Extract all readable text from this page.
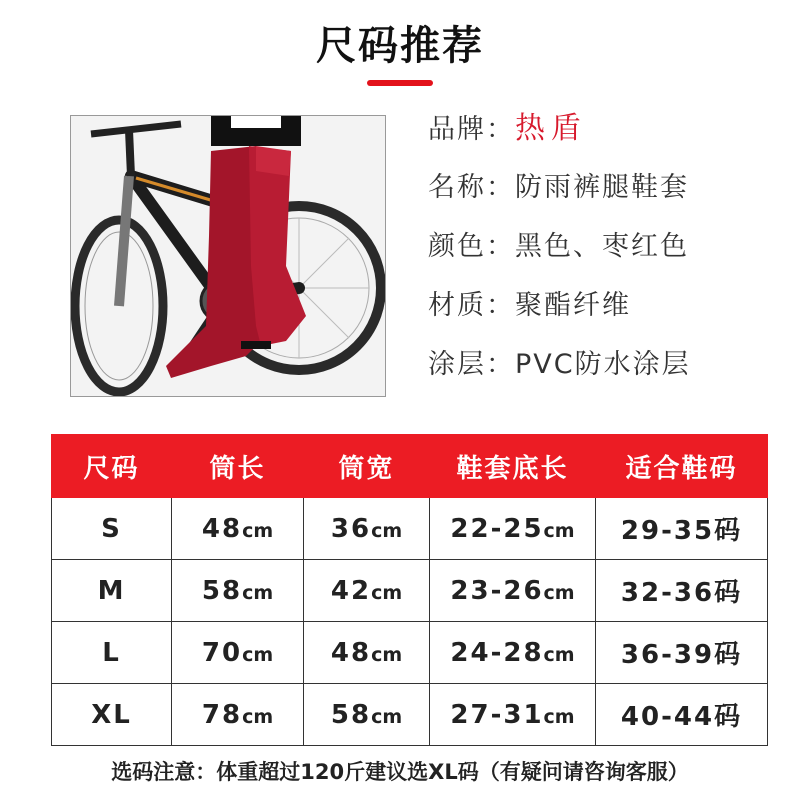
尺码推荐
品牌：热盾
名称：防雨裤腿鞋套
颜色：黑色、枣红色
材质：聚酯纤维
涂层：PVC防水涂层
尺码	筒长	筒宽	鞋套底长	适合鞋码
S	48cm	36cm	22-25cm	29-35码
M	58cm	42cm	23-26cm	32-36码
L	70cm	48cm	24-28cm	36-39码
XL	78cm	58cm	27-31cm	40-44码
选码注意：体重超过120斤建议选XL码（有疑问请咨询客服）
